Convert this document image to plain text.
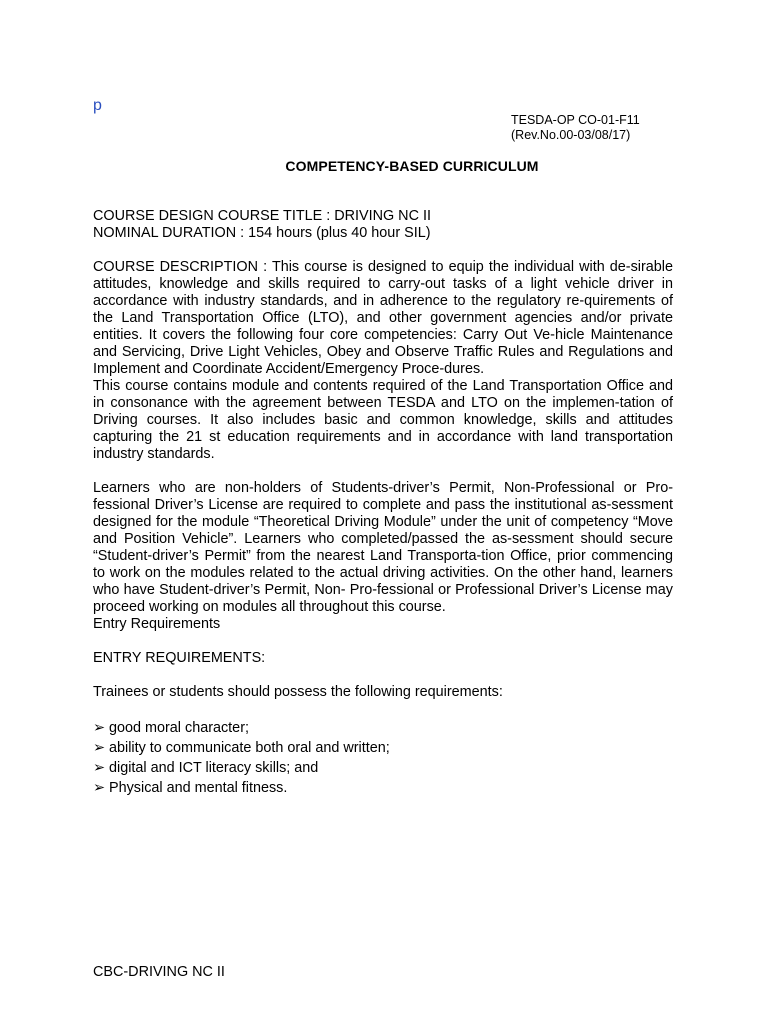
p
TESDA-OP CO-01-F11
(Rev.No.00-03/08/17)
COMPETENCY-BASED CURRICULUM

COURSE DESIGN COURSE TITLE : DRIVING NC II

NOMINAL DURATION : 154 hours (plus 40 hour SIL)

COURSE DESCRIPTION : This course is designed to equip the individual with de-sirable attitudes, knowledge and skills required to carry-out tasks of a light vehicle driver in accordance with industry standards, and in adherence to the regulatory re-quirements of the Land Transportation Office (LTO), and other government agencies and/or private entities. It covers the following four core competencies: Carry Out Ve-hicle Maintenance and Servicing, Drive Light Vehicles, Obey and Observe Traffic Rules and Regulations and Implement and Coordinate Accident/Emergency Proce-dures.

This course contains module and contents required of the Land Transportation Office and in consonance with the agreement between TESDA and LTO on the implemen-tation of Driving courses. It also includes basic and common knowledge, skills and attitudes capturing the 21 st education requirements and in accordance with land transportation industry standards.

Learners who are non-holders of Students-driver’s Permit, Non-Professional or Pro-fessional Driver’s License are required to complete and pass the institutional as-sessment designed for the module “Theoretical Driving Module” under the unit of competency “Move and Position Vehicle”. Learners who completed/passed the as-sessment should secure “Student-driver’s Permit” from the nearest Land Transporta-tion Office, prior commencing to work on the modules related to the actual driving activities. On the other hand, learners who have Student-driver’s Permit, Non- Pro-fessional or Professional Driver’s License may proceed working on modules all throughout this course.

Entry Requirements

ENTRY REQUIREMENTS:

Trainees or students should possess the following requirements:

➢ good moral character;
➢ ability to communicate both oral and written;
➢ digital and ICT literacy skills; and
➢ Physical and mental fitness.
CBC-DRIVING NC II
